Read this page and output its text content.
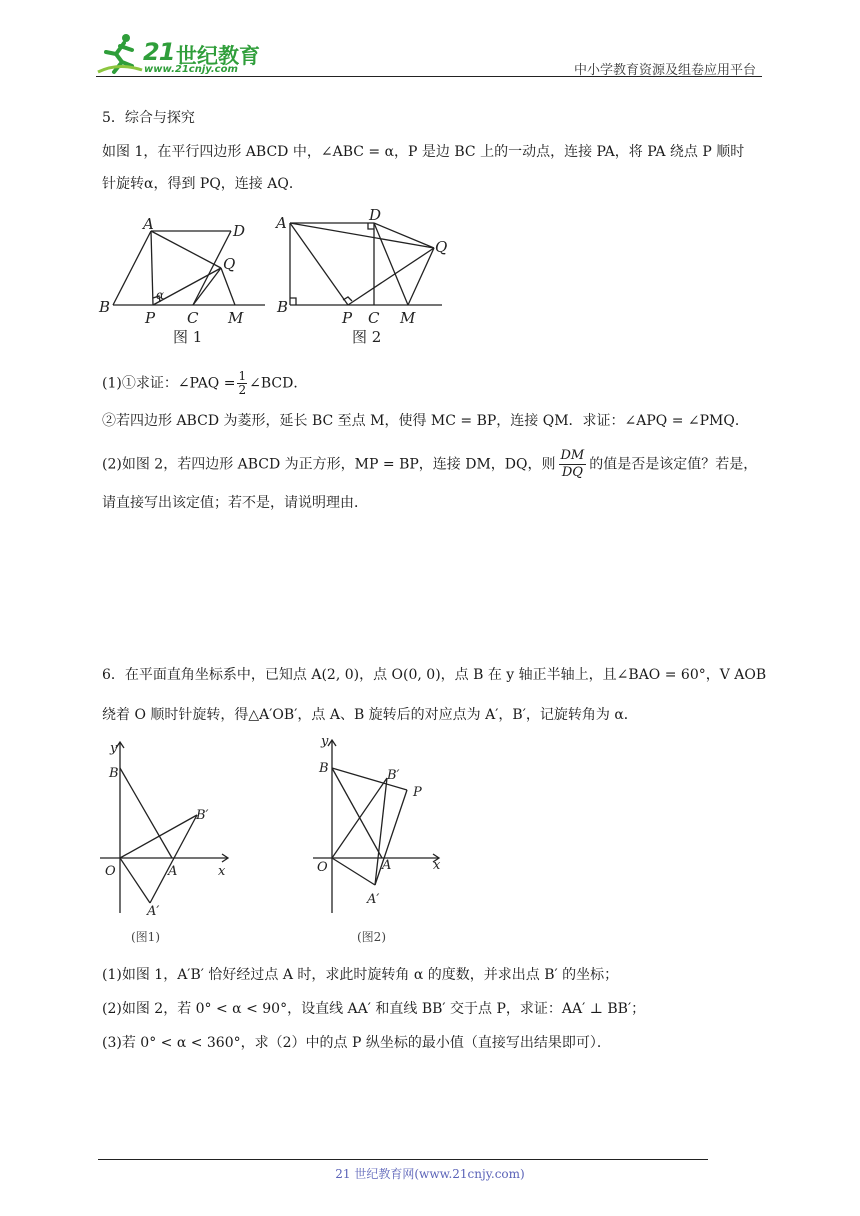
21 世纪教育
www.21cnjy.com	中小学教育资源及组卷应用平台
5．综合与探究
如图 1，在平行四边形 ABCD 中，∠ABC = α，P 是边 BC 上的一动点，连接 PA，将 PA 绕点 P 顺时
针旋转α，得到 PQ，连接 AQ．
A	D
B
Q
P C M
α
图 1
A	D
Q
B
P C M
图 2
(1)①求证：∠PAQ = $\frac{1}{2}$ ∠BCD．
②若四边形 ABCD 为菱形，延长 BC 至点 M，使得 MC = BP，连接 QM．求证：∠APQ = ∠PMQ．
(2)如图 2，若四边形 ABCD 为正方形，MP = BP，连接 DM，DQ，则 $\frac{DM}{DQ}$ 的值是否是该定值？若是，
请直接写出该定值；若不是，请说明理由．
6．在平面直角坐标系中，已知点 A(2, 0)，点 O(0, 0)，点 B 在 y 轴正半轴上，且∠BAO = 60°，V AOB
绕着 O 顺时针旋转，得△A′OB′，点 A、B 旋转后的对应点为 A′，B′，记旋转角为 α．
y
B
B′
O	A	x
A′
(图1)
y
B	B′
P
O	A	x
A′
(图2)
(1)如图 1，A′B′ 恰好经过点 A 时，求此时旋转角 α 的度数，并求出点 B′ 的坐标；
(2)如图 2，若 0° < α < 90°，设直线 AA′ 和直线 BB′ 交于点 P，求证：AA′ ⊥ BB′；
(3)若 0° < α < 360°，求（2）中的点 P 纵坐标的最小值（直接写出结果即可）．
21 世纪教育网(www.21cnjy.com)
